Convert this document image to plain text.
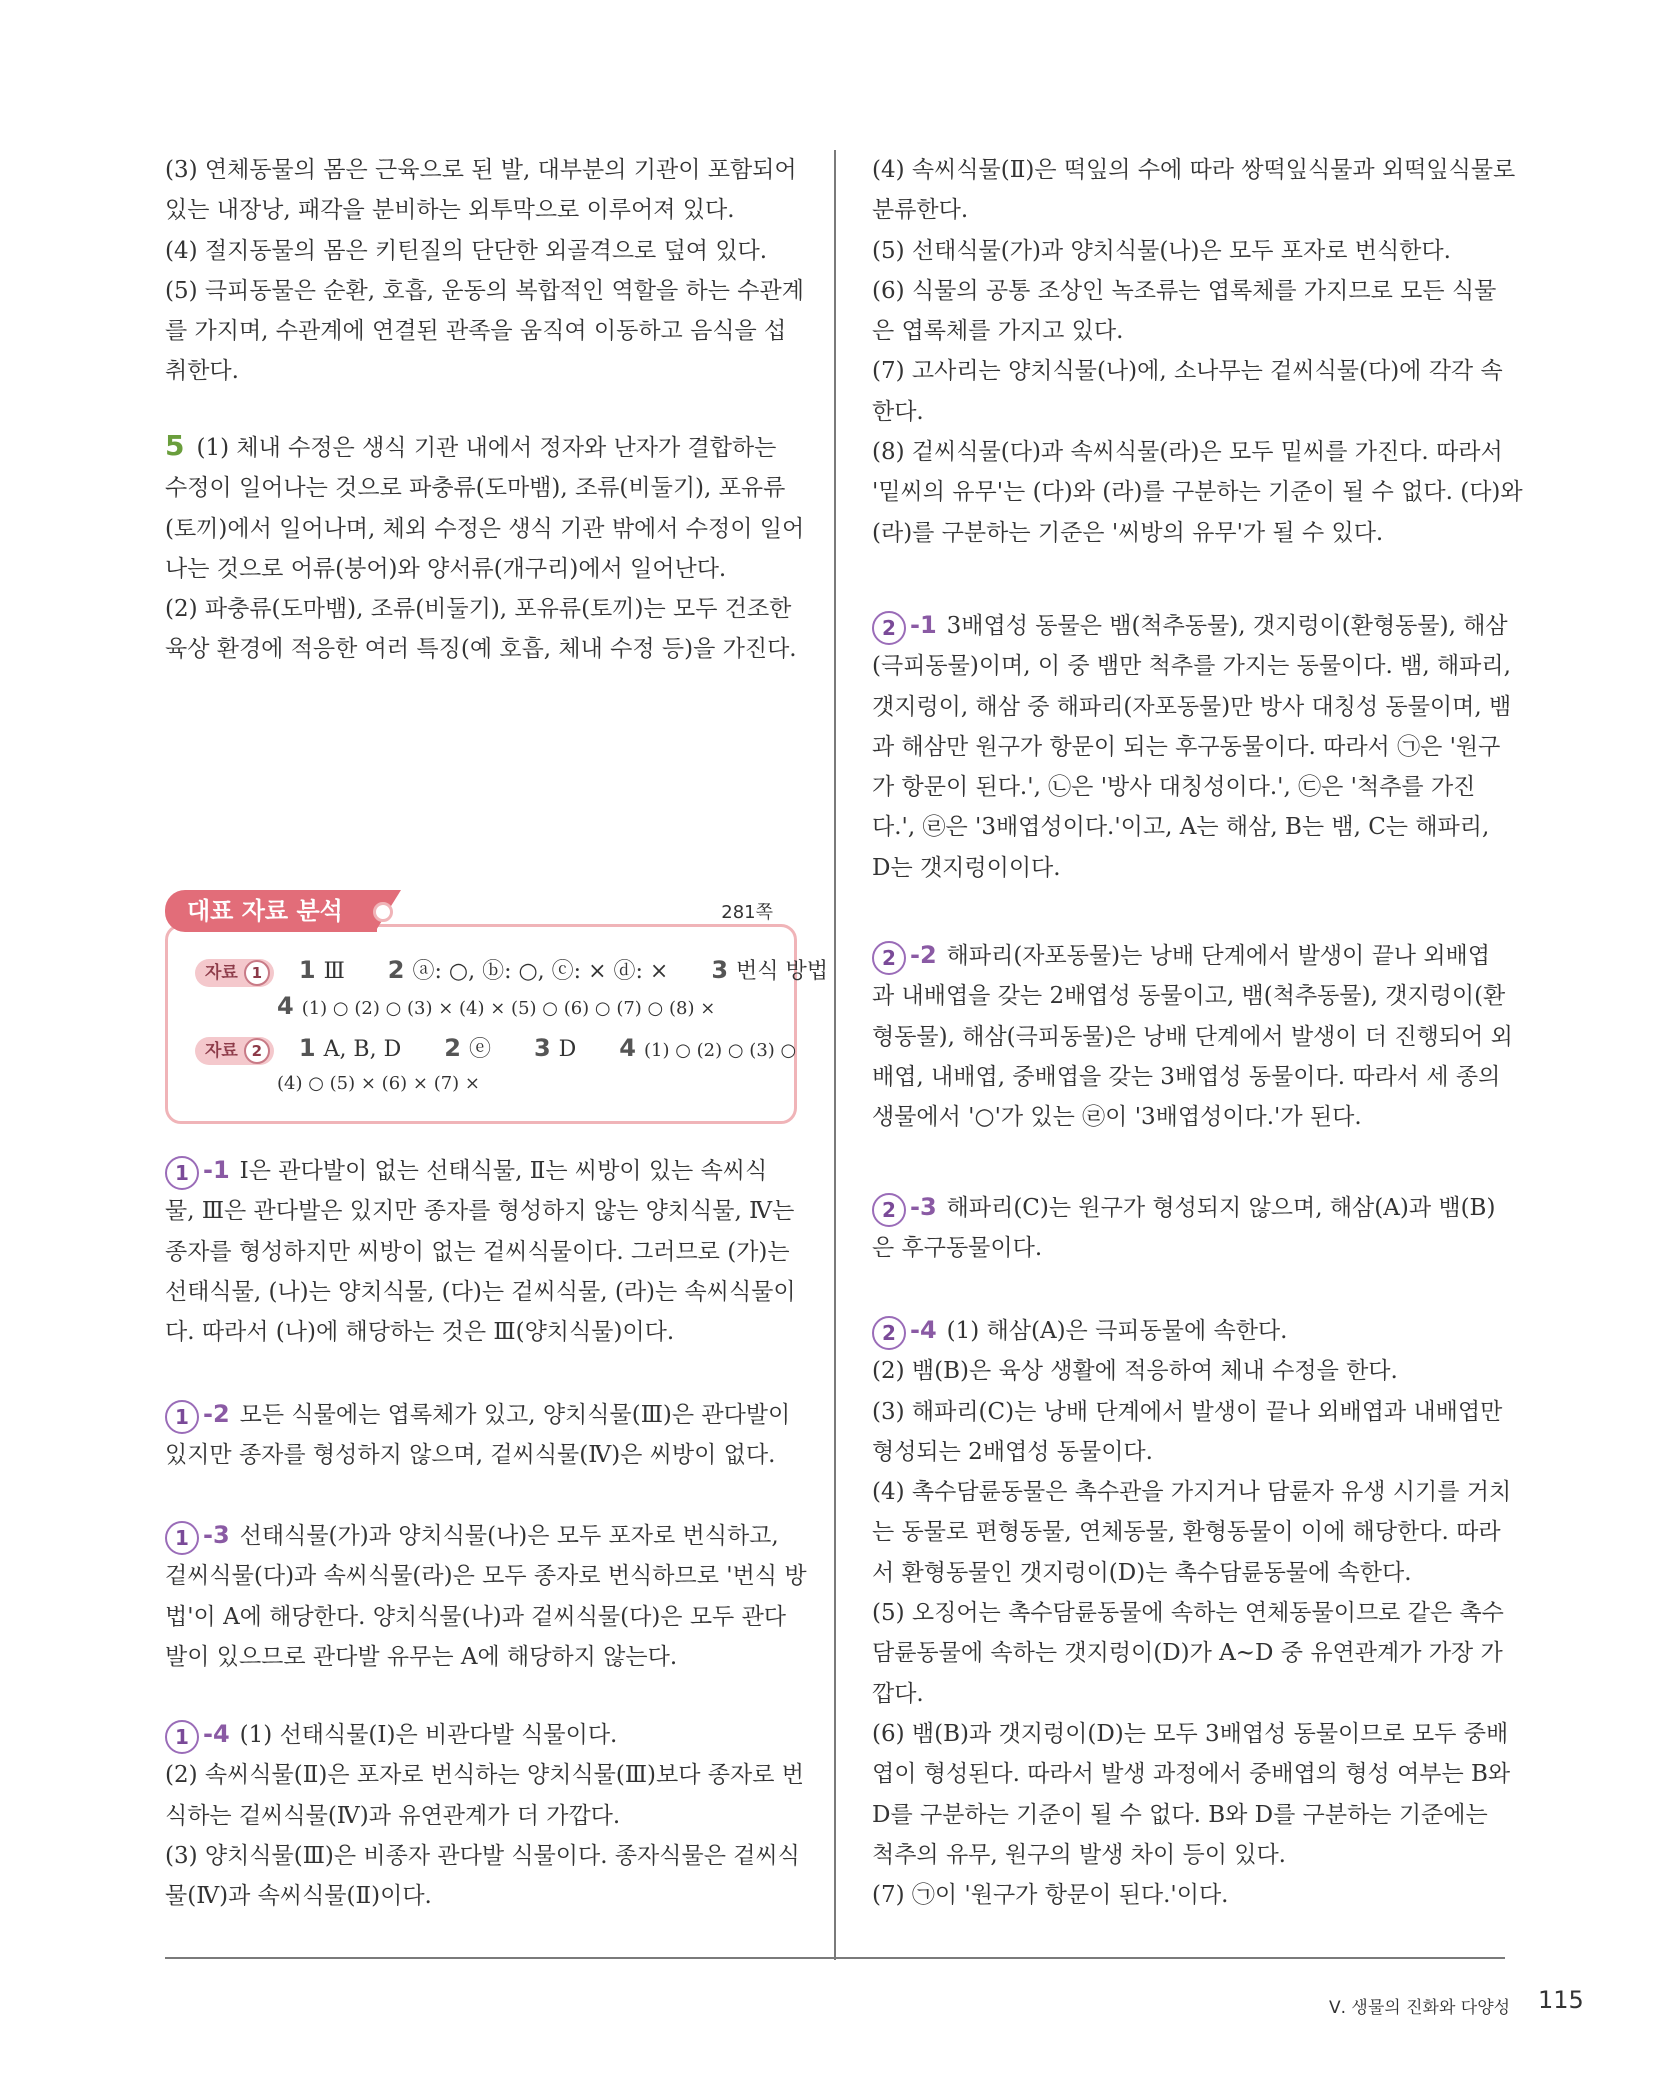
(3) 연체동물의 몸은 근육으로 된 발, 대부분의 기관이 포함되어
있는 내장낭, 패각을 분비하는 외투막으로 이루어져 있다.
(4) 절지동물의 몸은 키틴질의 단단한 외골격으로 덮여 있다.
(5) 극피동물은 순환, 호흡, 운동의 복합적인 역할을 하는 수관계
를 가지며, 수관계에 연결된 관족을 움직여 이동하고 음식을 섭
취한다.
5 (1) 체내 수정은 생식 기관 내에서 정자와 난자가 결합하는
수정이 일어나는 것으로 파충류(도마뱀), 조류(비둘기), 포유류
(토끼)에서 일어나며, 체외 수정은 생식 기관 밖에서 수정이 일어
나는 것으로 어류(붕어)와 양서류(개구리)에서 일어난다.
(2) 파충류(도마뱀), 조류(비둘기), 포유류(토끼)는 모두 건조한
육상 환경에 적응한 여러 특징(예 호흡, 체내 수정 등)을 가진다.
대표 자료 분석	281쪽
자료 1 1 Ⅲ 2 ⓐ: ○, ⓑ: ○, ⓒ: × ⓓ: × 3 번식 방법
4 (1) ○ (2) ○ (3) × (4) × (5) ○ (6) ○ (7) ○ (8) ×
자료 2 1 A, B, D 2 ⓔ 3 D 4 (1) ○ (2) ○ (3) ○
(4) ○ (5) × (6) × (7) ×
1 -1 Ⅰ은 관다발이 없는 선태식물, Ⅱ는 씨방이 있는 속씨식
물, Ⅲ은 관다발은 있지만 종자를 형성하지 않는 양치식물, Ⅳ는
종자를 형성하지만 씨방이 없는 겉씨식물이다. 그러므로 (가)는
선태식물, (나)는 양치식물, (다)는 겉씨식물, (라)는 속씨식물이
다. 따라서 (나)에 해당하는 것은 Ⅲ(양치식물)이다.
1 -2 모든 식물에는 엽록체가 있고, 양치식물(Ⅲ)은 관다발이
있지만 종자를 형성하지 않으며, 겉씨식물(Ⅳ)은 씨방이 없다.
1 -3 선태식물(가)과 양치식물(나)은 모두 포자로 번식하고,
겉씨식물(다)과 속씨식물(라)은 모두 종자로 번식하므로 '번식 방
법'이 A에 해당한다. 양치식물(나)과 겉씨식물(다)은 모두 관다
발이 있으므로 관다발 유무는 A에 해당하지 않는다.
1 -4 (1) 선태식물(Ⅰ)은 비관다발 식물이다.
(2) 속씨식물(Ⅱ)은 포자로 번식하는 양치식물(Ⅲ)보다 종자로 번
식하는 겉씨식물(Ⅳ)과 유연관계가 더 가깝다.
(3) 양치식물(Ⅲ)은 비종자 관다발 식물이다. 종자식물은 겉씨식
물(Ⅳ)과 속씨식물(Ⅱ)이다.
(4) 속씨식물(Ⅱ)은 떡잎의 수에 따라 쌍떡잎식물과 외떡잎식물로
분류한다.
(5) 선태식물(가)과 양치식물(나)은 모두 포자로 번식한다.
(6) 식물의 공통 조상인 녹조류는 엽록체를 가지므로 모든 식물
은 엽록체를 가지고 있다.
(7) 고사리는 양치식물(나)에, 소나무는 겉씨식물(다)에 각각 속
한다.
(8) 겉씨식물(다)과 속씨식물(라)은 모두 밑씨를 가진다. 따라서
'밑씨의 유무'는 (다)와 (라)를 구분하는 기준이 될 수 없다. (다)와
(라)를 구분하는 기준은 '씨방의 유무'가 될 수 있다.
2 -1 3배엽성 동물은 뱀(척추동물), 갯지렁이(환형동물), 해삼
(극피동물)이며, 이 중 뱀만 척추를 가지는 동물이다. 뱀, 해파리,
갯지렁이, 해삼 중 해파리(자포동물)만 방사 대칭성 동물이며, 뱀
과 해삼만 원구가 항문이 되는 후구동물이다. 따라서 ㉠은 '원구
가 항문이 된다.', ㉡은 '방사 대칭성이다.', ㉢은 '척추를 가진
다.', ㉣은 '3배엽성이다.'이고, A는 해삼, B는 뱀, C는 해파리,
D는 갯지렁이이다.
2 -2 해파리(자포동물)는 낭배 단계에서 발생이 끝나 외배엽
과 내배엽을 갖는 2배엽성 동물이고, 뱀(척추동물), 갯지렁이(환
형동물), 해삼(극피동물)은 낭배 단계에서 발생이 더 진행되어 외
배엽, 내배엽, 중배엽을 갖는 3배엽성 동물이다. 따라서 세 종의
생물에서 '○'가 있는 ㉣이 '3배엽성이다.'가 된다.
2 -3 해파리(C)는 원구가 형성되지 않으며, 해삼(A)과 뱀(B)
은 후구동물이다.
2 -4 (1) 해삼(A)은 극피동물에 속한다.
(2) 뱀(B)은 육상 생활에 적응하여 체내 수정을 한다.
(3) 해파리(C)는 낭배 단계에서 발생이 끝나 외배엽과 내배엽만
형성되는 2배엽성 동물이다.
(4) 촉수담륜동물은 촉수관을 가지거나 담륜자 유생 시기를 거치
는 동물로 편형동물, 연체동물, 환형동물이 이에 해당한다. 따라
서 환형동물인 갯지렁이(D)는 촉수담륜동물에 속한다.
(5) 오징어는 촉수담륜동물에 속하는 연체동물이므로 같은 촉수
담륜동물에 속하는 갯지렁이(D)가 A~D 중 유연관계가 가장 가
깝다.
(6) 뱀(B)과 갯지렁이(D)는 모두 3배엽성 동물이므로 모두 중배
엽이 형성된다. 따라서 발생 과정에서 중배엽의 형성 여부는 B와
D를 구분하는 기준이 될 수 없다. B와 D를 구분하는 기준에는
척추의 유무, 원구의 발생 차이 등이 있다.
(7) ㉠이 '원구가 항문이 된다.'이다.
Ⅴ. 생물의 진화와 다양성 115
